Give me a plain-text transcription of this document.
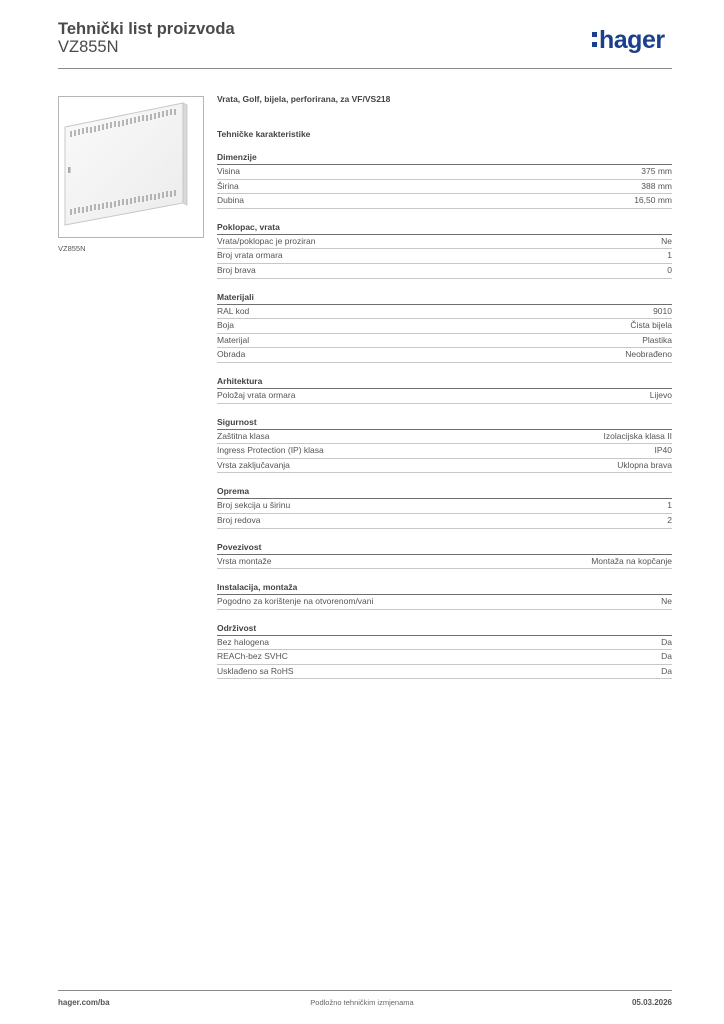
Tehnički list proizvoda
VZ855N	hager
VZ855N
Vrata, Golf, bijela, perforirana, za VF/VS218
Tehničke karakteristike
Dimenzije
Visina	375 mm
Širina	388 mm
Dubina	16,50 mm
Poklopac, vrata
Vrata/poklopac je proziran	Ne
Broj vrata ormara	1
Broj brava	0
Materijali
RAL kod	9010
Boja	Čista bijela
Materijal	Plastika
Obrada	Neobrađeno
Arhitektura
Položaj vrata ormara	Lijevo
Sigurnost
Zaštitna klasa	Izolacijska klasa II
Ingress Protection (IP) klasa	IP40
Vrsta zaključavanja	Uklopna brava
Oprema
Broj sekcija u širinu	1
Broj redova	2
Povezivost
Vrsta montaže	Montaža na kopčanje
Instalacija, montaža
Pogodno za korištenje na otvorenom/vani	Ne
Održivost
Bez halogena	Da
REACh-bez SVHC	Da
Usklađeno sa RoHS	Da
hager.com/ba	Podložno tehničkim izmjenama	05.03.2026
